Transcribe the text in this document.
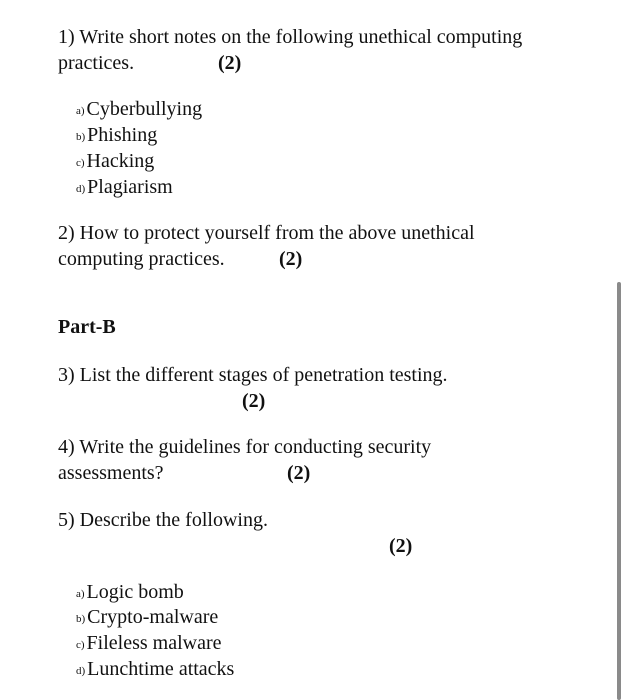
1) Write short notes on the following unethical computing
practices.	(2)
a) Cyberbullying
b) Phishing
c) Hacking
d) Plagiarism
2) How to protect yourself from the above unethical
computing practices.	(2)
Part-B
3) List the different stages of penetration testing.
(2)
4) Write the guidelines for conducting security
assessments?	(2)
5) Describe the following.
(2)
a) Logic bomb
b) Crypto-malware
c) Fileless malware
d) Lunchtime attacks
